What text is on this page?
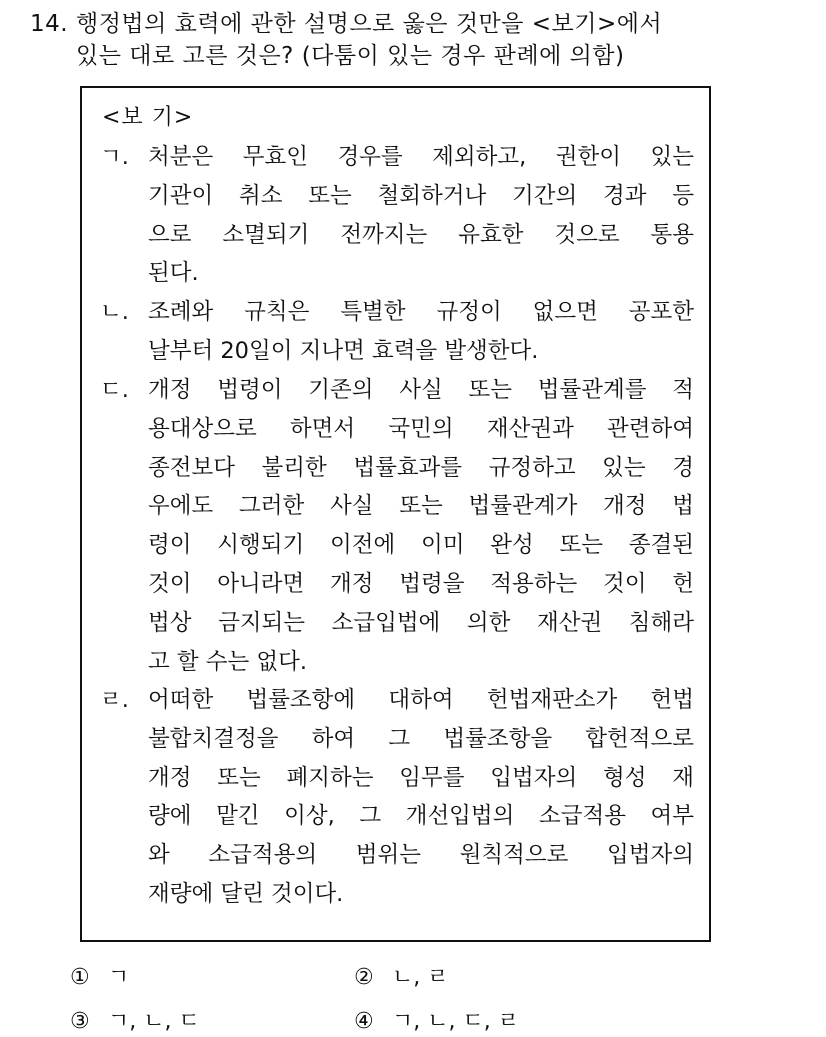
14. 행정법의 효력에 관한 설명으로 옳은 것만을 <보기>에서
있는 대로 고른 것은? (다툼이 있는 경우 판례에 의함)
<보 기>
ㄱ. 처분은 무효인 경우를 제외하고, 권한이 있는
기관이 취소 또는 철회하거나 기간의 경과 등
으로 소멸되기 전까지는 유효한 것으로 통용
된다.
ㄴ. 조례와 규칙은 특별한 규정이 없으면 공포한
날부터 20일이 지나면 효력을 발생한다.
ㄷ. 개정 법령이 기존의 사실 또는 법률관계를 적
용대상으로 하면서 국민의 재산권과 관련하여
종전보다 불리한 법률효과를 규정하고 있는 경
우에도 그러한 사실 또는 법률관계가 개정 법
령이 시행되기 이전에 이미 완성 또는 종결된
것이 아니라면 개정 법령을 적용하는 것이 헌
법상 금지되는 소급입법에 의한 재산권 침해라
고 할 수는 없다.
ㄹ. 어떠한 법률조항에 대하여 헌법재판소가 헌법
불합치결정을 하여 그 법률조항을 합헌적으로
개정 또는 폐지하는 임무를 입법자의 형성 재
량에 맡긴 이상, 그 개선입법의 소급적용 여부
와 소급적용의 범위는 원칙적으로 입법자의
재량에 달린 것이다.
① ㄱ	② ㄴ, ㄹ
③ ㄱ, ㄴ, ㄷ	④ ㄱ, ㄴ, ㄷ, ㄹ
